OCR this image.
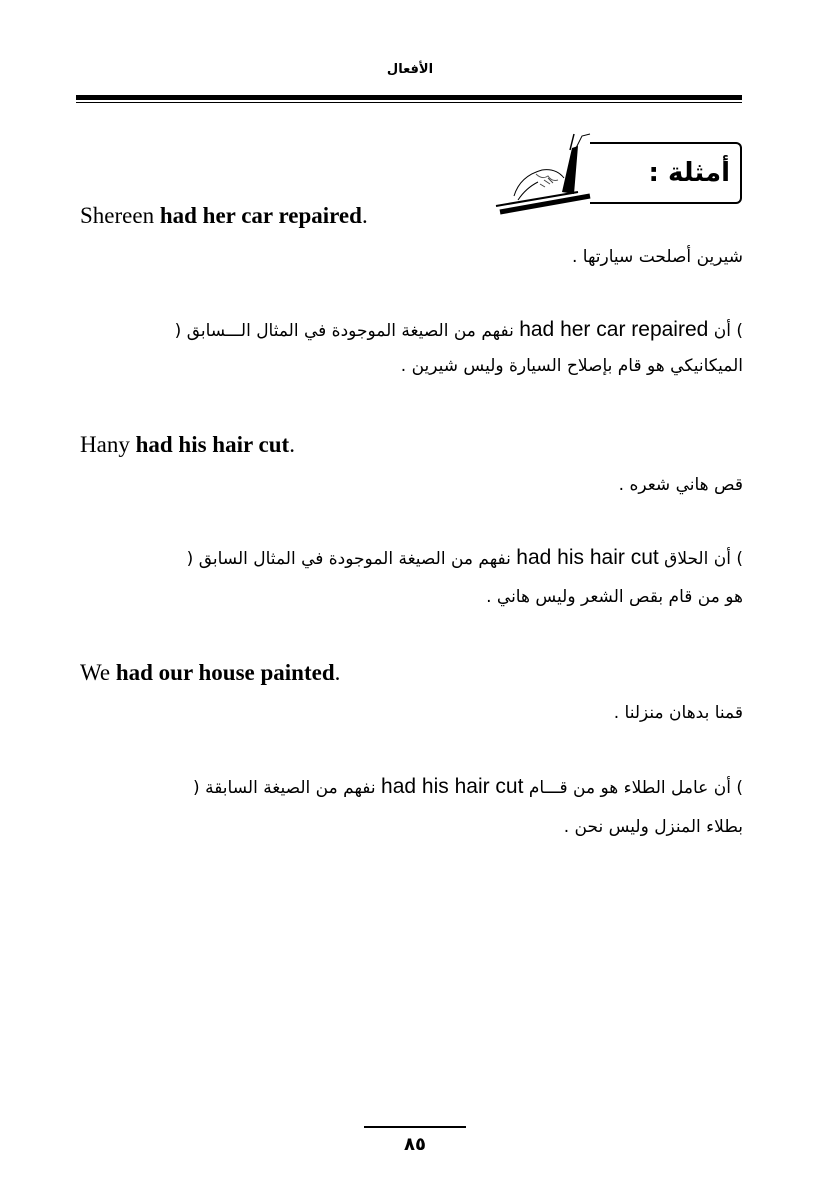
الأفعال
أمثلة :
Shereen had her car repaired.
شيرين أصلحت سيارتها .
) أن had her car repaired نفهم من الصيغة الموجودة في المثال الـــسابق (
الميكانيكي هو قام بإصلاح السيارة وليس شيرين .
Hany had his hair cut.
قص هاني شعره .
) أن الحلاق had his hair cut نفهم من الصيغة الموجودة في المثال السابق (
هو من قام بقص الشعر وليس هاني .
We had our house painted.
قمنا بدهان منزلنا .
) أن عامل الطلاء هو من قـــام had his hair cut نفهم من الصيغة السابقة (
بطلاء المنزل وليس نحن .
٨٥
